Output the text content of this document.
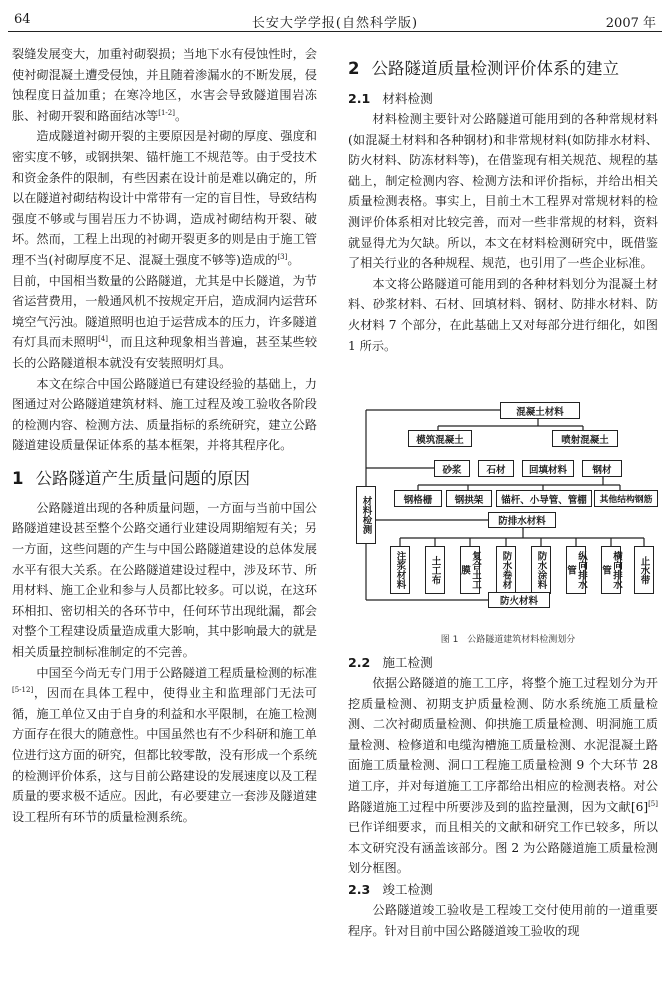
64	长安大学学报(自然科学版)	2007 年

裂缝发展变大，加重衬砌裂损；当地下水有侵蚀性时，会使衬砌混凝土遭受侵蚀，并且随着渗漏水的不断发展，侵蚀程度日益加重；在寒冷地区，水害会导致隧道围岩冻胀、衬砌开裂和路面结冰等[1-2]。

造成隧道衬砌开裂的主要原因是衬砌的厚度、强度和密实度不够，或钢拱架、锚杆施工不规范等。由于受技术和资金条件的限制，有些因素在设计前是难以确定的，所以在隧道衬砌结构设计中常带有一定的盲目性，导致结构强度不够或与围岩压力不协调，造成衬砌结构开裂、破坏。然而，工程上出现的衬砌开裂更多的则是由于施工管理不当(衬砌厚度不足、混凝土强度不够等)造成的[3]。

目前，中国相当数量的公路隧道，尤其是中长隧道，为节省运营费用，一般通风机不按规定开启，造成洞内运营环境空气污浊。隧道照明也迫于运营成本的压力，许多隧道有灯具而未照明[4]，而且这种现象相当普遍，甚至某些较长的公路隧道根本就没有安装照明灯具。

本文在综合中国公路隧道已有建设经验的基础上，力图通过对公路隧道建筑材料、施工过程及竣工验收各阶段的检测内容、检测方法、质量指标的系统研究，建立公路隧道建设质量保证体系的基本框架，并将其程序化。

1 公路隧道产生质量问题的原因

公路隧道出现的各种质量问题，一方面与当前中国公路隧道建设甚至整个公路交通行业建设周期缩短有关；另一方面，这些问题的产生与中国公路隧道建设的总体发展水平有很大关系。在公路隧道建设过程中，涉及环节、所用材料、施工企业和参与人员都比较多。可以说，在这环环相扣、密切相关的各环节中，任何环节出现纰漏，都会对整个工程建设质量造成重大影响，其中影响最大的就是相关质量控制标准制定的不完善。

中国至今尚无专门用于公路隧道工程质量检测的标准[5-12]，因而在具体工程中，使得业主和监理部门无法可循，施工单位又由于自身的利益和水平限制，在施工检测方面存在很大的随意性。中国虽然也有不少科研和施工单位进行这方面的研究，但都比较零散，没有形成一个系统的检测评价体系，这与目前公路建设的发展速度以及工程质量的要求极不适应。因此，有必要建立一套涉及隧道建设工程所有环节的质量检测系统。

2 公路隧道质量检测评价体系的建立
2.1 材料检测

材料检测主要针对公路隧道可能用到的各种常规材料(如混凝土材料和各种钢材)和非常规材料(如防排水材料、防火材料、防冻材料等)，在借鉴现有相关规范、规程的基础上，制定检测内容、检测方法和评价指标，并给出相关质量检测表格。事实上，目前土木工程界对常规材料的检测评价体系相对比较完善，而对一些非常规的材料，资料就显得尤为欠缺。所以，本文在材料检测研究中，既借鉴了相关行业的各种规程、规范，也引用了一些企业标准。

本文将公路隧道可能用到的各种材料划分为混凝土材料、砂浆材料、石材、回填材料、钢材、防排水材料、防火材料 7 个部分，在此基础上又对每部分进行细化，如图 1 所示。

材料检测
混凝土材料
模筑混凝土	喷射混凝土
砂浆	石材	回填材料	钢材
钢格栅	钢拱架	锚杆、小导管、管棚	其他结构钢筋
防排水材料
注浆材料	土工布	复合土工膜	防水卷材	防水涂料	纵向排水管	横向排水管	止水带
防火材料
图 1　公路隧道建筑材料检测划分
2.2 施工检测

依据公路隧道的施工工序，将整个施工过程划分为开挖质量检测、初期支护质量检测、防水系统施工质量检测、二次衬砌质量检测、仰拱施工质量检测、明洞施工质量检测、检修道和电缆沟槽施工质量检测、水泥混凝土路面施工质量检测、洞口工程施工质量检测 9 个大环节 28 道工序，并对每道施工工序都给出相应的检测表格。对公路隧道施工过程中所要涉及到的监控量测，因为文献[6][5]已作详细要求，而且相关的文献和研究工作已较多，所以本文研究没有涵盖该部分。图 2 为公路隧道施工质量检测划分框图。

2.3 竣工检测

公路隧道竣工验收是工程竣工交付使用前的一道重要程序。针对目前中国公路隧道竣工验收的现
